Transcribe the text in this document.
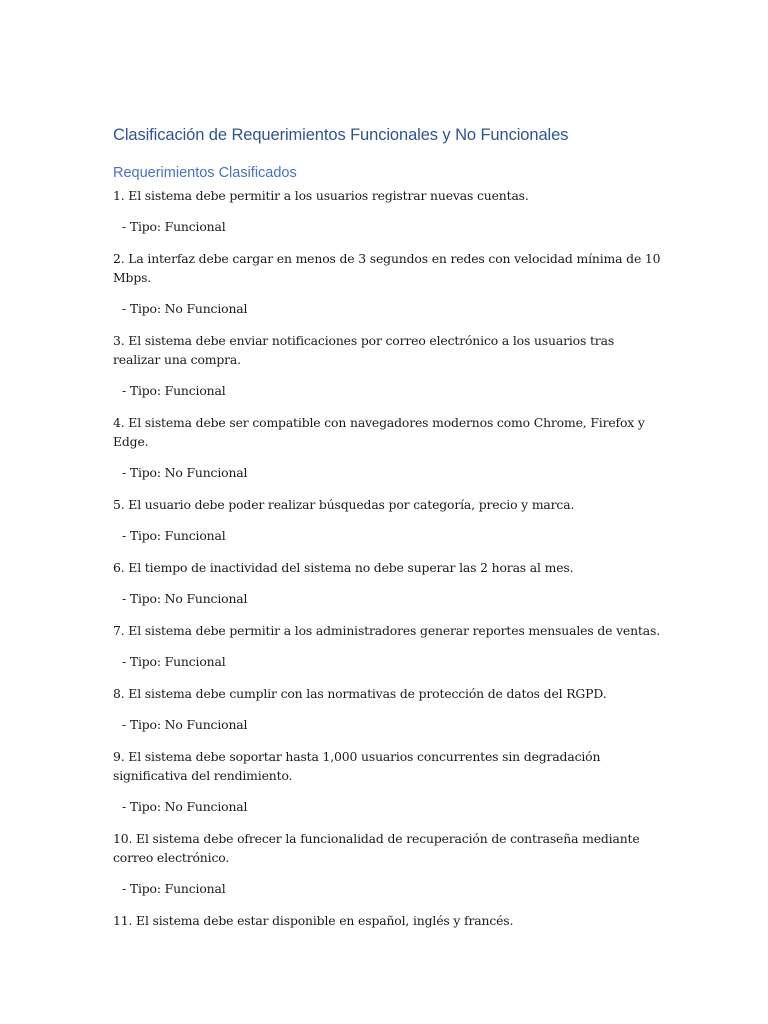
Clasificación de Requerimientos Funcionales y No Funcionales
Requerimientos Clasificados

1. El sistema debe permitir a los usuarios registrar nuevas cuentas.

- Tipo: Funcional

2. La interfaz debe cargar en menos de 3 segundos en redes con velocidad mínima de 10 Mbps.

- Tipo: No Funcional

3. El sistema debe enviar notificaciones por correo electrónico a los usuarios tras realizar una compra.

- Tipo: Funcional

4. El sistema debe ser compatible con navegadores modernos como Chrome, Firefox y Edge.

- Tipo: No Funcional

5. El usuario debe poder realizar búsquedas por categoría, precio y marca.

- Tipo: Funcional

6. El tiempo de inactividad del sistema no debe superar las 2 horas al mes.

- Tipo: No Funcional

7. El sistema debe permitir a los administradores generar reportes mensuales de ventas.

- Tipo: Funcional

8. El sistema debe cumplir con las normativas de protección de datos del RGPD.

- Tipo: No Funcional

9. El sistema debe soportar hasta 1,000 usuarios concurrentes sin degradación significativa del rendimiento.

- Tipo: No Funcional

10. El sistema debe ofrecer la funcionalidad de recuperación de contraseña mediante correo electrónico.

- Tipo: Funcional

11. El sistema debe estar disponible en español, inglés y francés.
